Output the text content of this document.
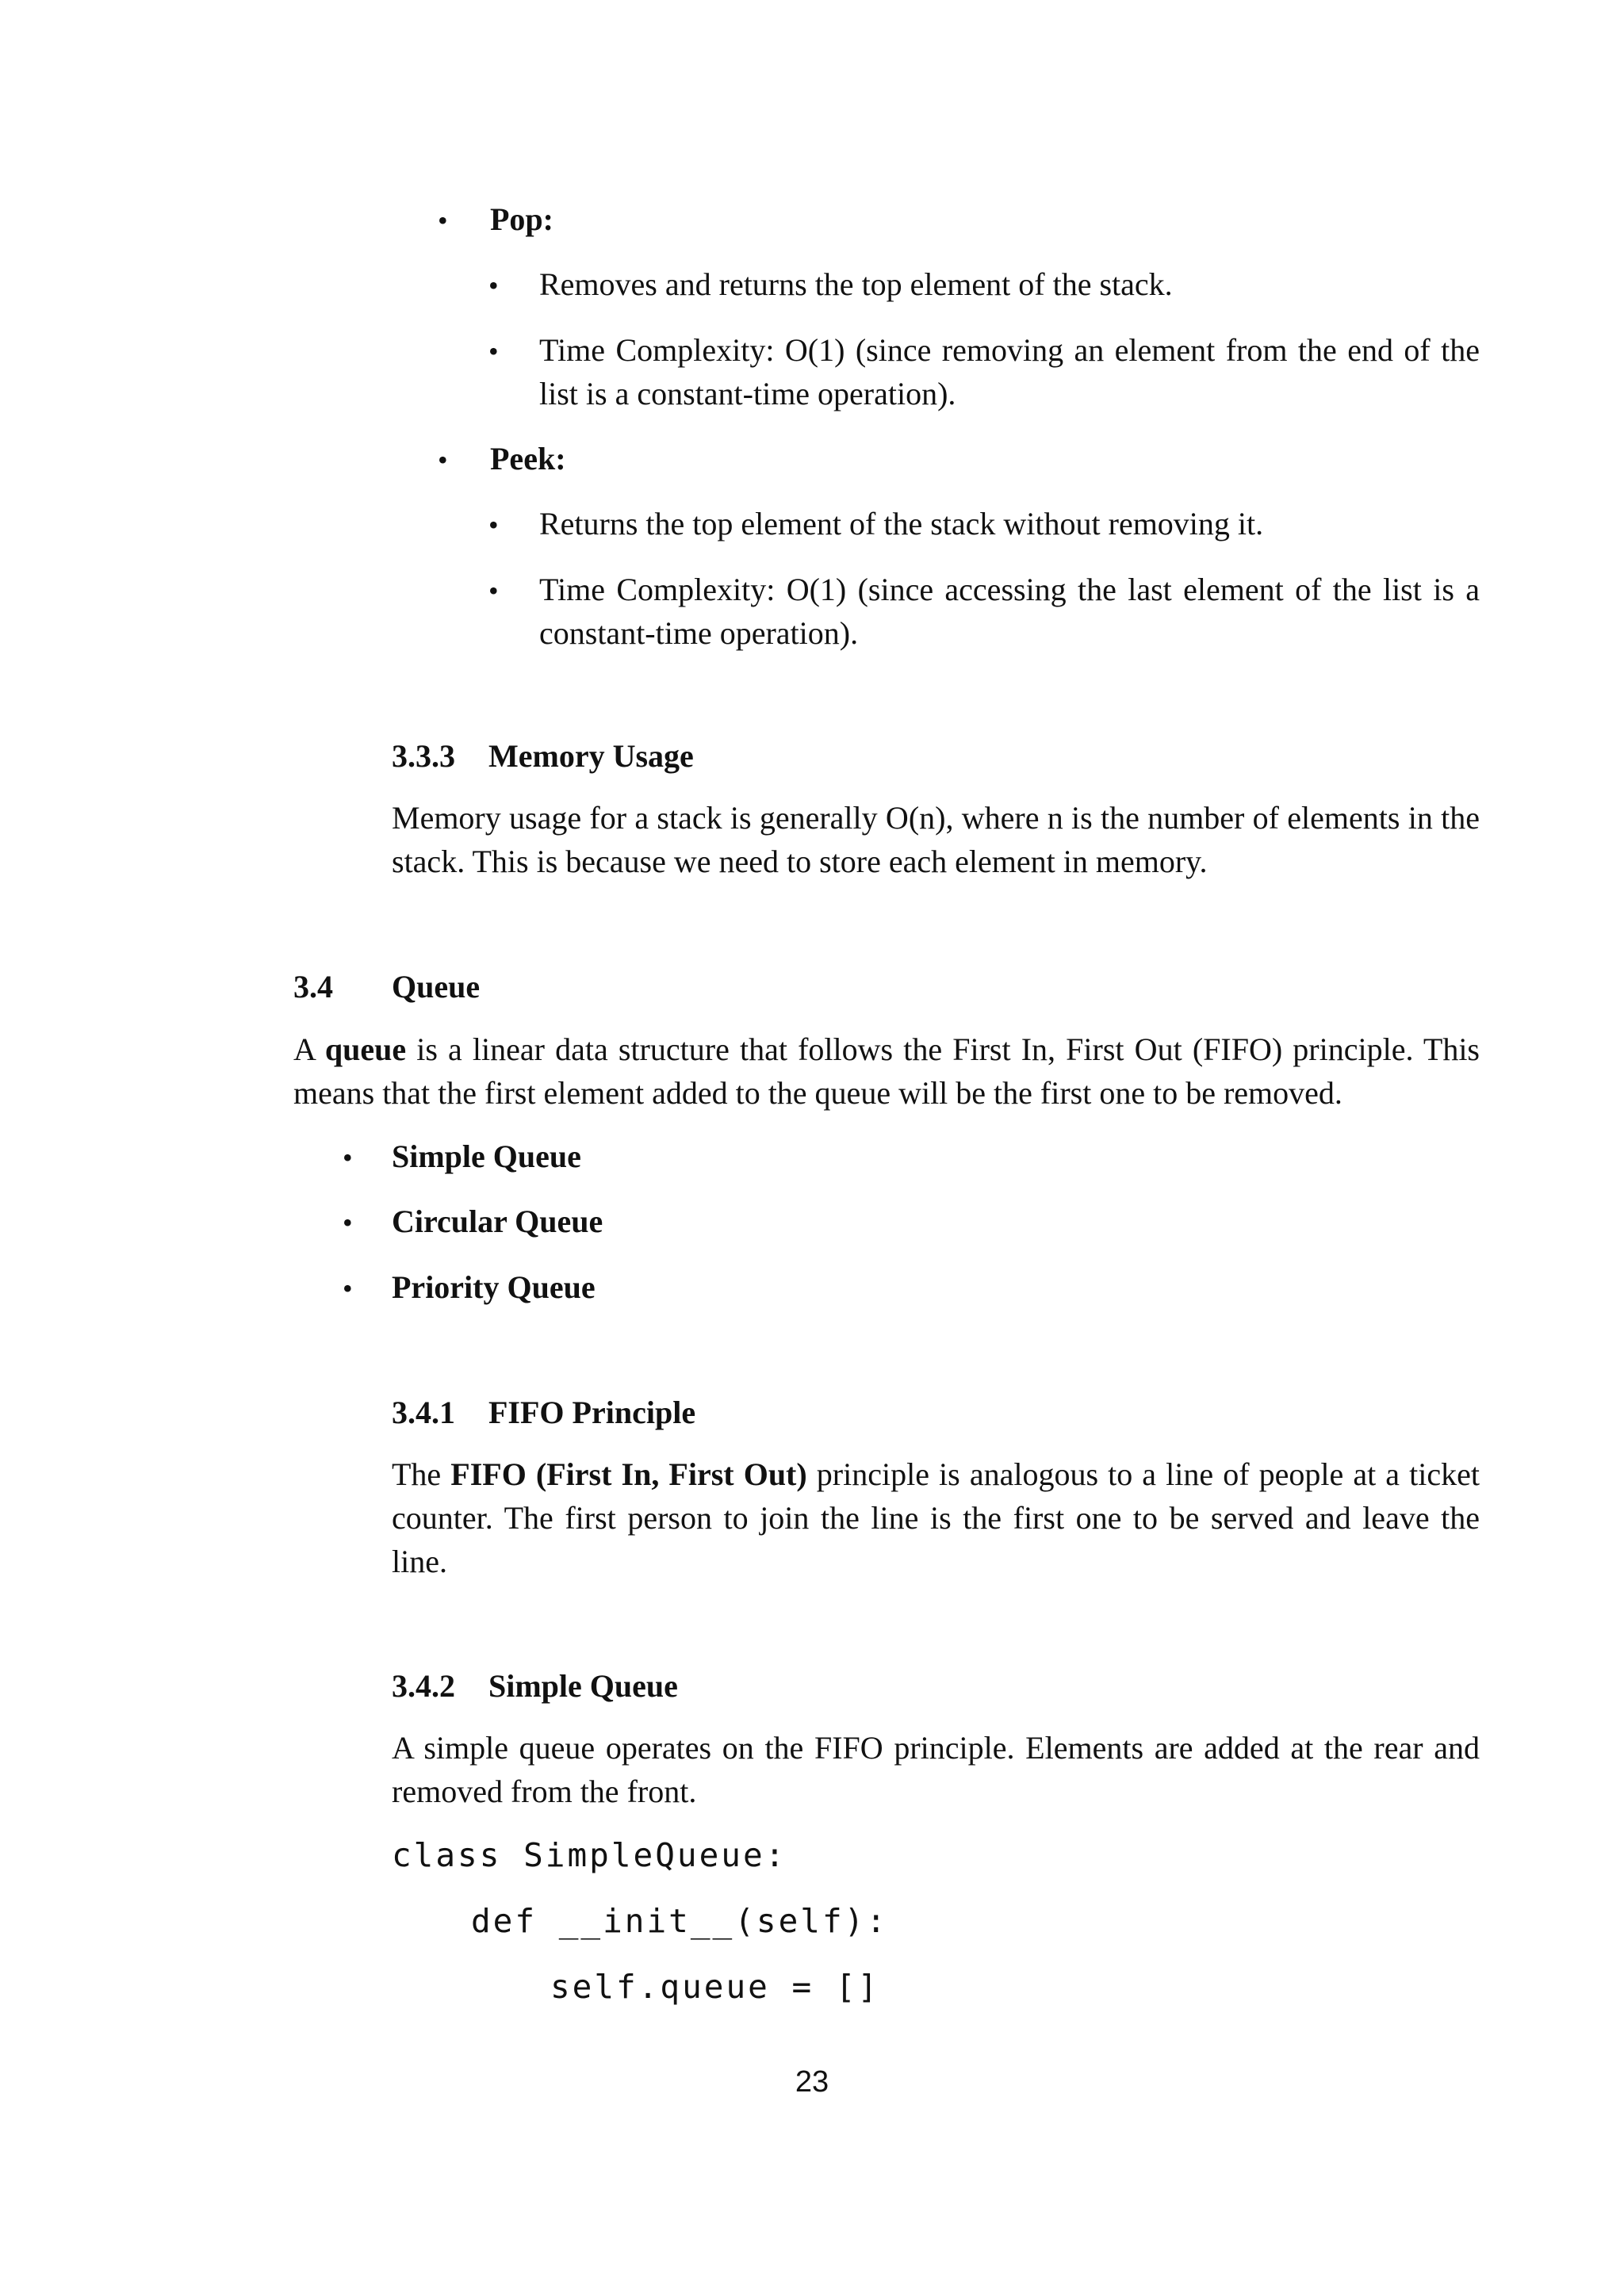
• Pop:

• Removes and returns the top element of the stack.

• Time Complexity: O(1) (since removing an element from the end of the list is a constant-time operation).

• Peek:

• Returns the top element of the stack without removing it.

• Time Complexity: O(1) (since accessing the last element of the list is a constant-time operation).

3.3.3 Memory Usage

Memory usage for a stack is generally O(n), where n is the number of elements in the stack. This is because we need to store each element in memory.

3.4 Queue

A queue is a linear data structure that follows the First In, First Out (FIFO) principle. This means that the first element added to the queue will be the first one to be removed.

• Simple Queue

• Circular Queue

• Priority Queue

3.4.1 FIFO Principle

The FIFO (First In, First Out) principle is analogous to a line of people at a ticket counter. The first person to join the line is the first one to be served and leave the line.

3.4.2 Simple Queue

A simple queue operates on the FIFO principle. Elements are added at the rear and removed from the front.

class SimpleQueue:

def __init__(self):

self.queue = []

23
